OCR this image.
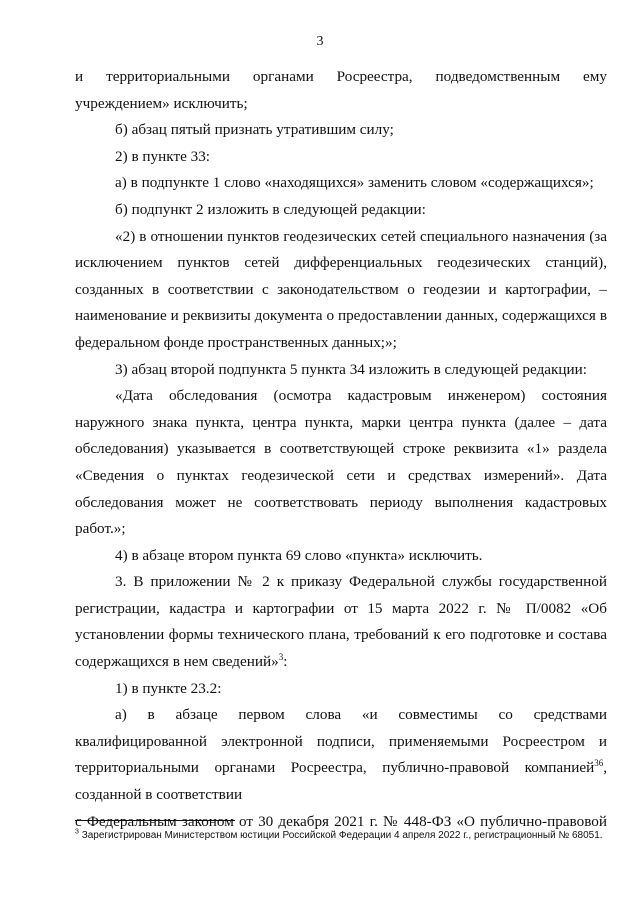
3

и территориальными органами Росреестра, подведомственным ему учреждением» исключить;

б) абзац пятый признать утратившим силу;

2) в пункте 33:

а) в подпункте 1 слово «находящихся» заменить словом «содержащихся»;

б) подпункт 2 изложить в следующей редакции:

«2) в отношении пунктов геодезических сетей специального назначения (за исключением пунктов сетей дифференциальных геодезических станций), созданных в соответствии с законодательством о геодезии и картографии, – наименование и реквизиты документа о предоставлении данных, содержащихся в федеральном фонде пространственных данных;»;

3) абзац второй подпункта 5 пункта 34 изложить в следующей редакции:

«Дата обследования (осмотра кадастровым инженером) состояния наружного знака пункта, центра пункта, марки центра пункта (далее – дата обследования) указывается в соответствующей строке реквизита «1» раздела «Сведения о пунктах геодезической сети и средствах измерений». Дата обследования может не соответствовать периоду выполнения кадастровых работ.»;

4) в абзаце втором пункта 69 слово «пункта» исключить.

3. В приложении № 2 к приказу Федеральной службы государственной регистрации, кадастра и картографии от 15 марта 2022 г. № П/0082 «Об установлении формы технического плана, требований к его подготовке и состава содержащихся в нем сведений»$^3$:

1) в пункте 23.2:

а) в абзаце первом слова «и совместимы со средствами квалифицированной электронной подписи, применяемыми Росреестром и территориальными органами Росреестра, публично-правовой компанией$^{36}$, созданной в соответствии

с Федеральным законом от 30 декабря 2021 г. № 448-ФЗ «О публично-правовой

$^3$ Зарегистрирован Министерством юстиции Российской Федерации 4 апреля 2022 г., регистрационный № 68051.
